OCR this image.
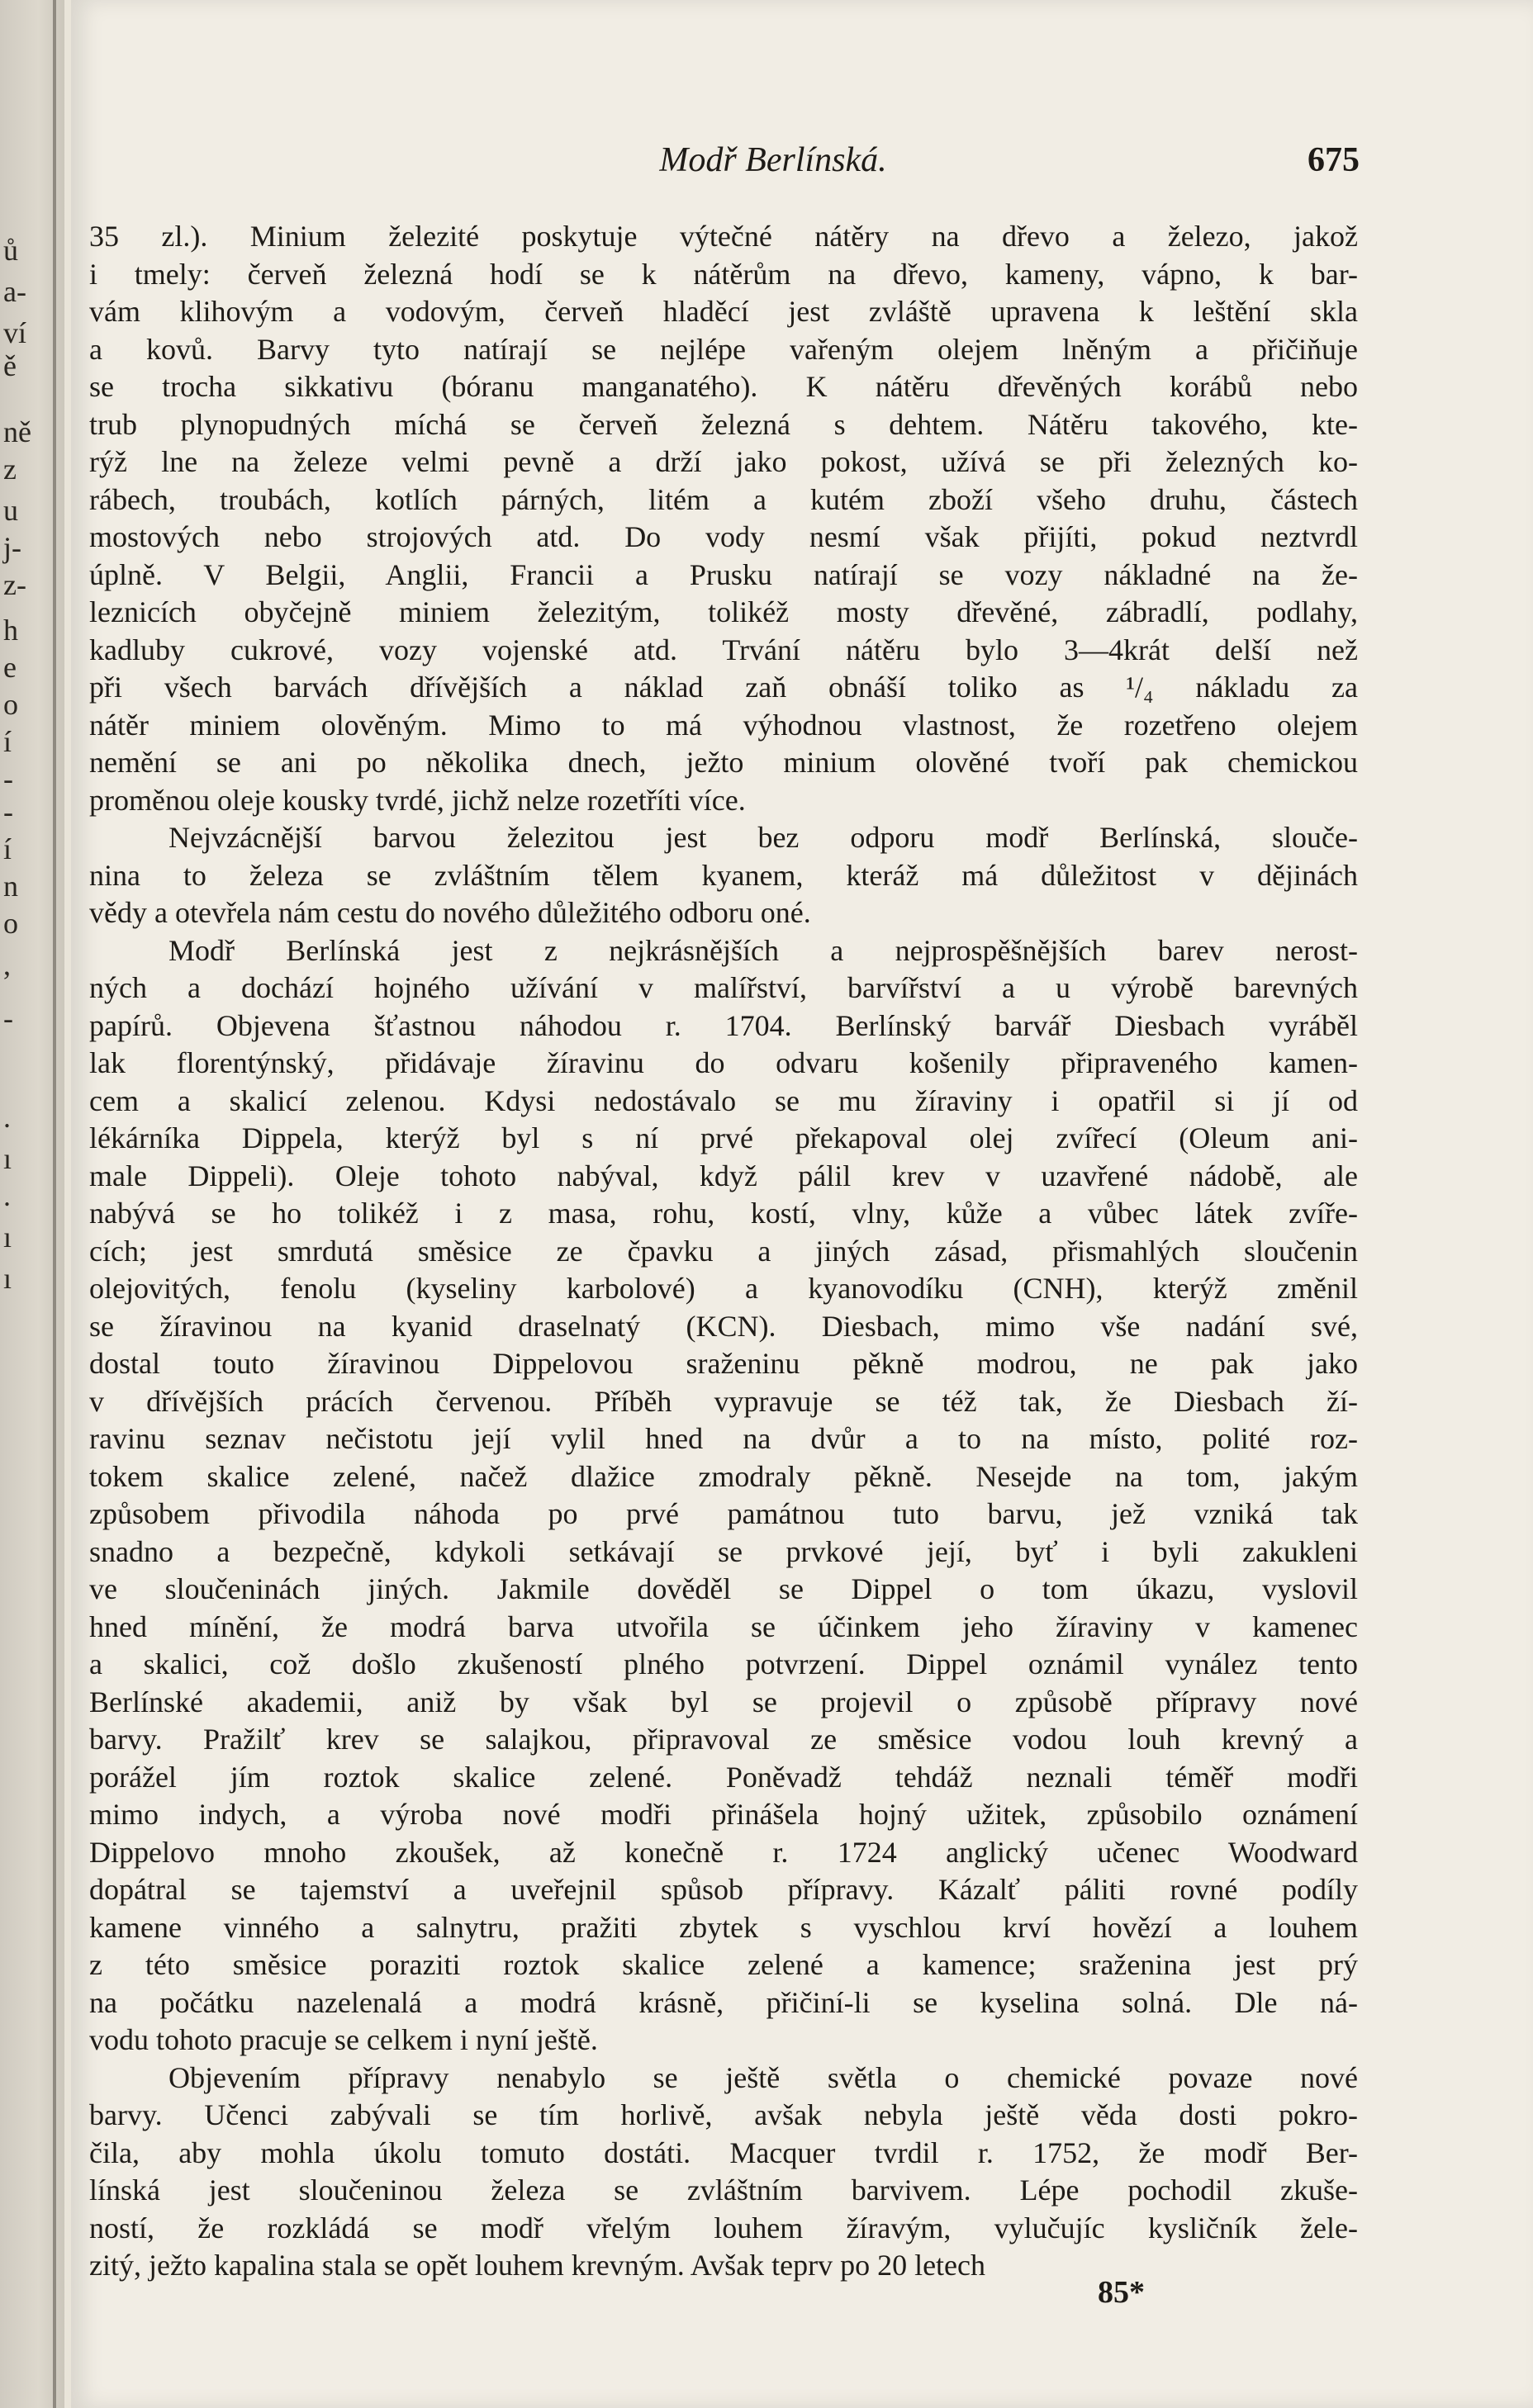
ů
a-
ví
ě
ně
z
u
j-
z-
h
e
o
í
-
-
í
n
o
,
-
.
ı
.
ı
ı
Modř Berlínská.	675

35 zl.). Minium železité poskytuje výtečné nátěry na dřevo a železo, jakož
i tmely: červeň železná hodí se k nátěrům na dřevo, kameny, vápno, k bar-
vám klihovým a vodovým, červeň hladěcí jest zvláště upravena k leštění skla
a kovů. Barvy tyto natírají se nejlépe vařeným olejem lněným a přičiňuje
se trocha sikkativu (bóranu manganatého). K nátěru dřevěných korábů nebo
trub plynopudných míchá se červeň železná s dehtem. Nátěru takového, kte-
rýž lne na železe velmi pevně a drží jako pokost, užívá se při železných ko-
rábech, troubách, kotlích párných, litém a kutém zboží všeho druhu, částech
mostových nebo strojových atd. Do vody nesmí však přijíti, pokud neztvrdl
úplně. V Belgii, Anglii, Francii a Prusku natírají se vozy nákladné na že-
leznicích obyčejně miniem železitým, tolikéž mosty dřevěné, zábradlí, podlahy,
kadluby cukrové, vozy vojenské atd. Trvání nátěru bylo 3—4krát delší než
při všech barvách dřívějších a náklad zaň obnáší toliko as ¹/₄ nákladu za
nátěr miniem olověným. Mimo to má výhodnou vlastnost, že rozetřeno olejem
nemění se ani po několika dnech, ježto minium olověné tvoří pak chemickou
proměnou oleje kousky tvrdé, jichž nelze rozetříti více.

Nejvzácnější barvou železitou jest bez odporu modř Berlínská, slouče-
nina to železa se zvláštním tělem kyanem, kteráž má důležitost v dějinách
vědy a otevřela nám cestu do nového důležitého odboru oné.

Modř Berlínská jest z nejkrásnějších a nejprospěšnějších barev nerost-
ných a dochází hojného užívání v malířství, barvířství a u výrobě barevných
papírů. Objevena šťastnou náhodou r. 1704. Berlínský barvář Diesbach vyráběl
lak florentýnský, přidávaje žíravinu do odvaru košenily připraveného kamen-
cem a skalicí zelenou. Kdysi nedostávalo se mu žíraviny i opatřil si jí od
lékárníka Dippela, kterýž byl s ní prvé překapoval olej zvířecí (Oleum ani-
male Dippeli). Oleje tohoto nabýval, když pálil krev v uzavřené nádobě, ale
nabývá se ho tolikéž i z masa, rohu, kostí, vlny, kůže a vůbec látek zvíře-
cích; jest smrdutá směsice ze čpavku a jiných zásad, přismahlých sloučenin
olejovitých, fenolu (kyseliny karbolové) a kyanovodíku (CNH), kterýž změnil
se žíravinou na kyanid draselnatý (KCN). Diesbach, mimo vše nadání své,
dostal touto žíravinou Dippelovou sraženinu pěkně modrou, ne pak jako
v dřívějších prácích červenou. Příběh vypravuje se též tak, že Diesbach ží-
ravinu seznav nečistotu její vylil hned na dvůr a to na místo, polité roz-
tokem skalice zelené, načež dlažice zmodraly pěkně. Nesejde na tom, jakým
způsobem přivodila náhoda po prvé památnou tuto barvu, jež vzniká tak
snadno a bezpečně, kdykoli setkávají se prvkové její, byť i byli zakukleni
ve sloučeninách jiných. Jakmile dověděl se Dippel o tom úkazu, vyslovil
hned mínění, že modrá barva utvořila se účinkem jeho žíraviny v kamenec
a skalici, což došlo zkušeností plného potvrzení. Dippel oznámil vynález tento
Berlínské akademii, aniž by však byl se projevil o způsobě přípravy nové
barvy. Pražilť krev se salajkou, připravoval ze směsice vodou louh krevný a
porážel jím roztok skalice zelené. Poněvadž tehdáž neznali téměř modři
mimo indych, a výroba nové modři přinášela hojný užitek, způsobilo oznámení
Dippelovo mnoho zkoušek, až konečně r. 1724 anglický učenec Woodward
dopátral se tajemství a uveřejnil spůsob přípravy. Kázalť páliti rovné podíly
kamene vinného a salnytru, pražiti zbytek s vyschlou krví hovězí a louhem
z této směsice poraziti roztok skalice zelené a kamence; sraženina jest prý
na počátku nazelenalá a modrá krásně, přičiní-li se kyselina solná. Dle ná-
vodu tohoto pracuje se celkem i nyní ještě.

Objevením přípravy nenabylo se ještě světla o chemické povaze nové
barvy. Učenci zabývali se tím horlivě, avšak nebyla ještě věda dosti pokro-
čila, aby mohla úkolu tomuto dostáti. Macquer tvrdil r. 1752, že modř Ber-
línská jest sloučeninou železa se zvláštním barvivem. Lépe pochodil zkuše-
ností, že rozkládá se modř vřelým louhem žíravým, vylučujíc kysličník žele-
zitý, ježto kapalina stala se opět louhem krevným. Avšak teprv po 20 letech

85*
